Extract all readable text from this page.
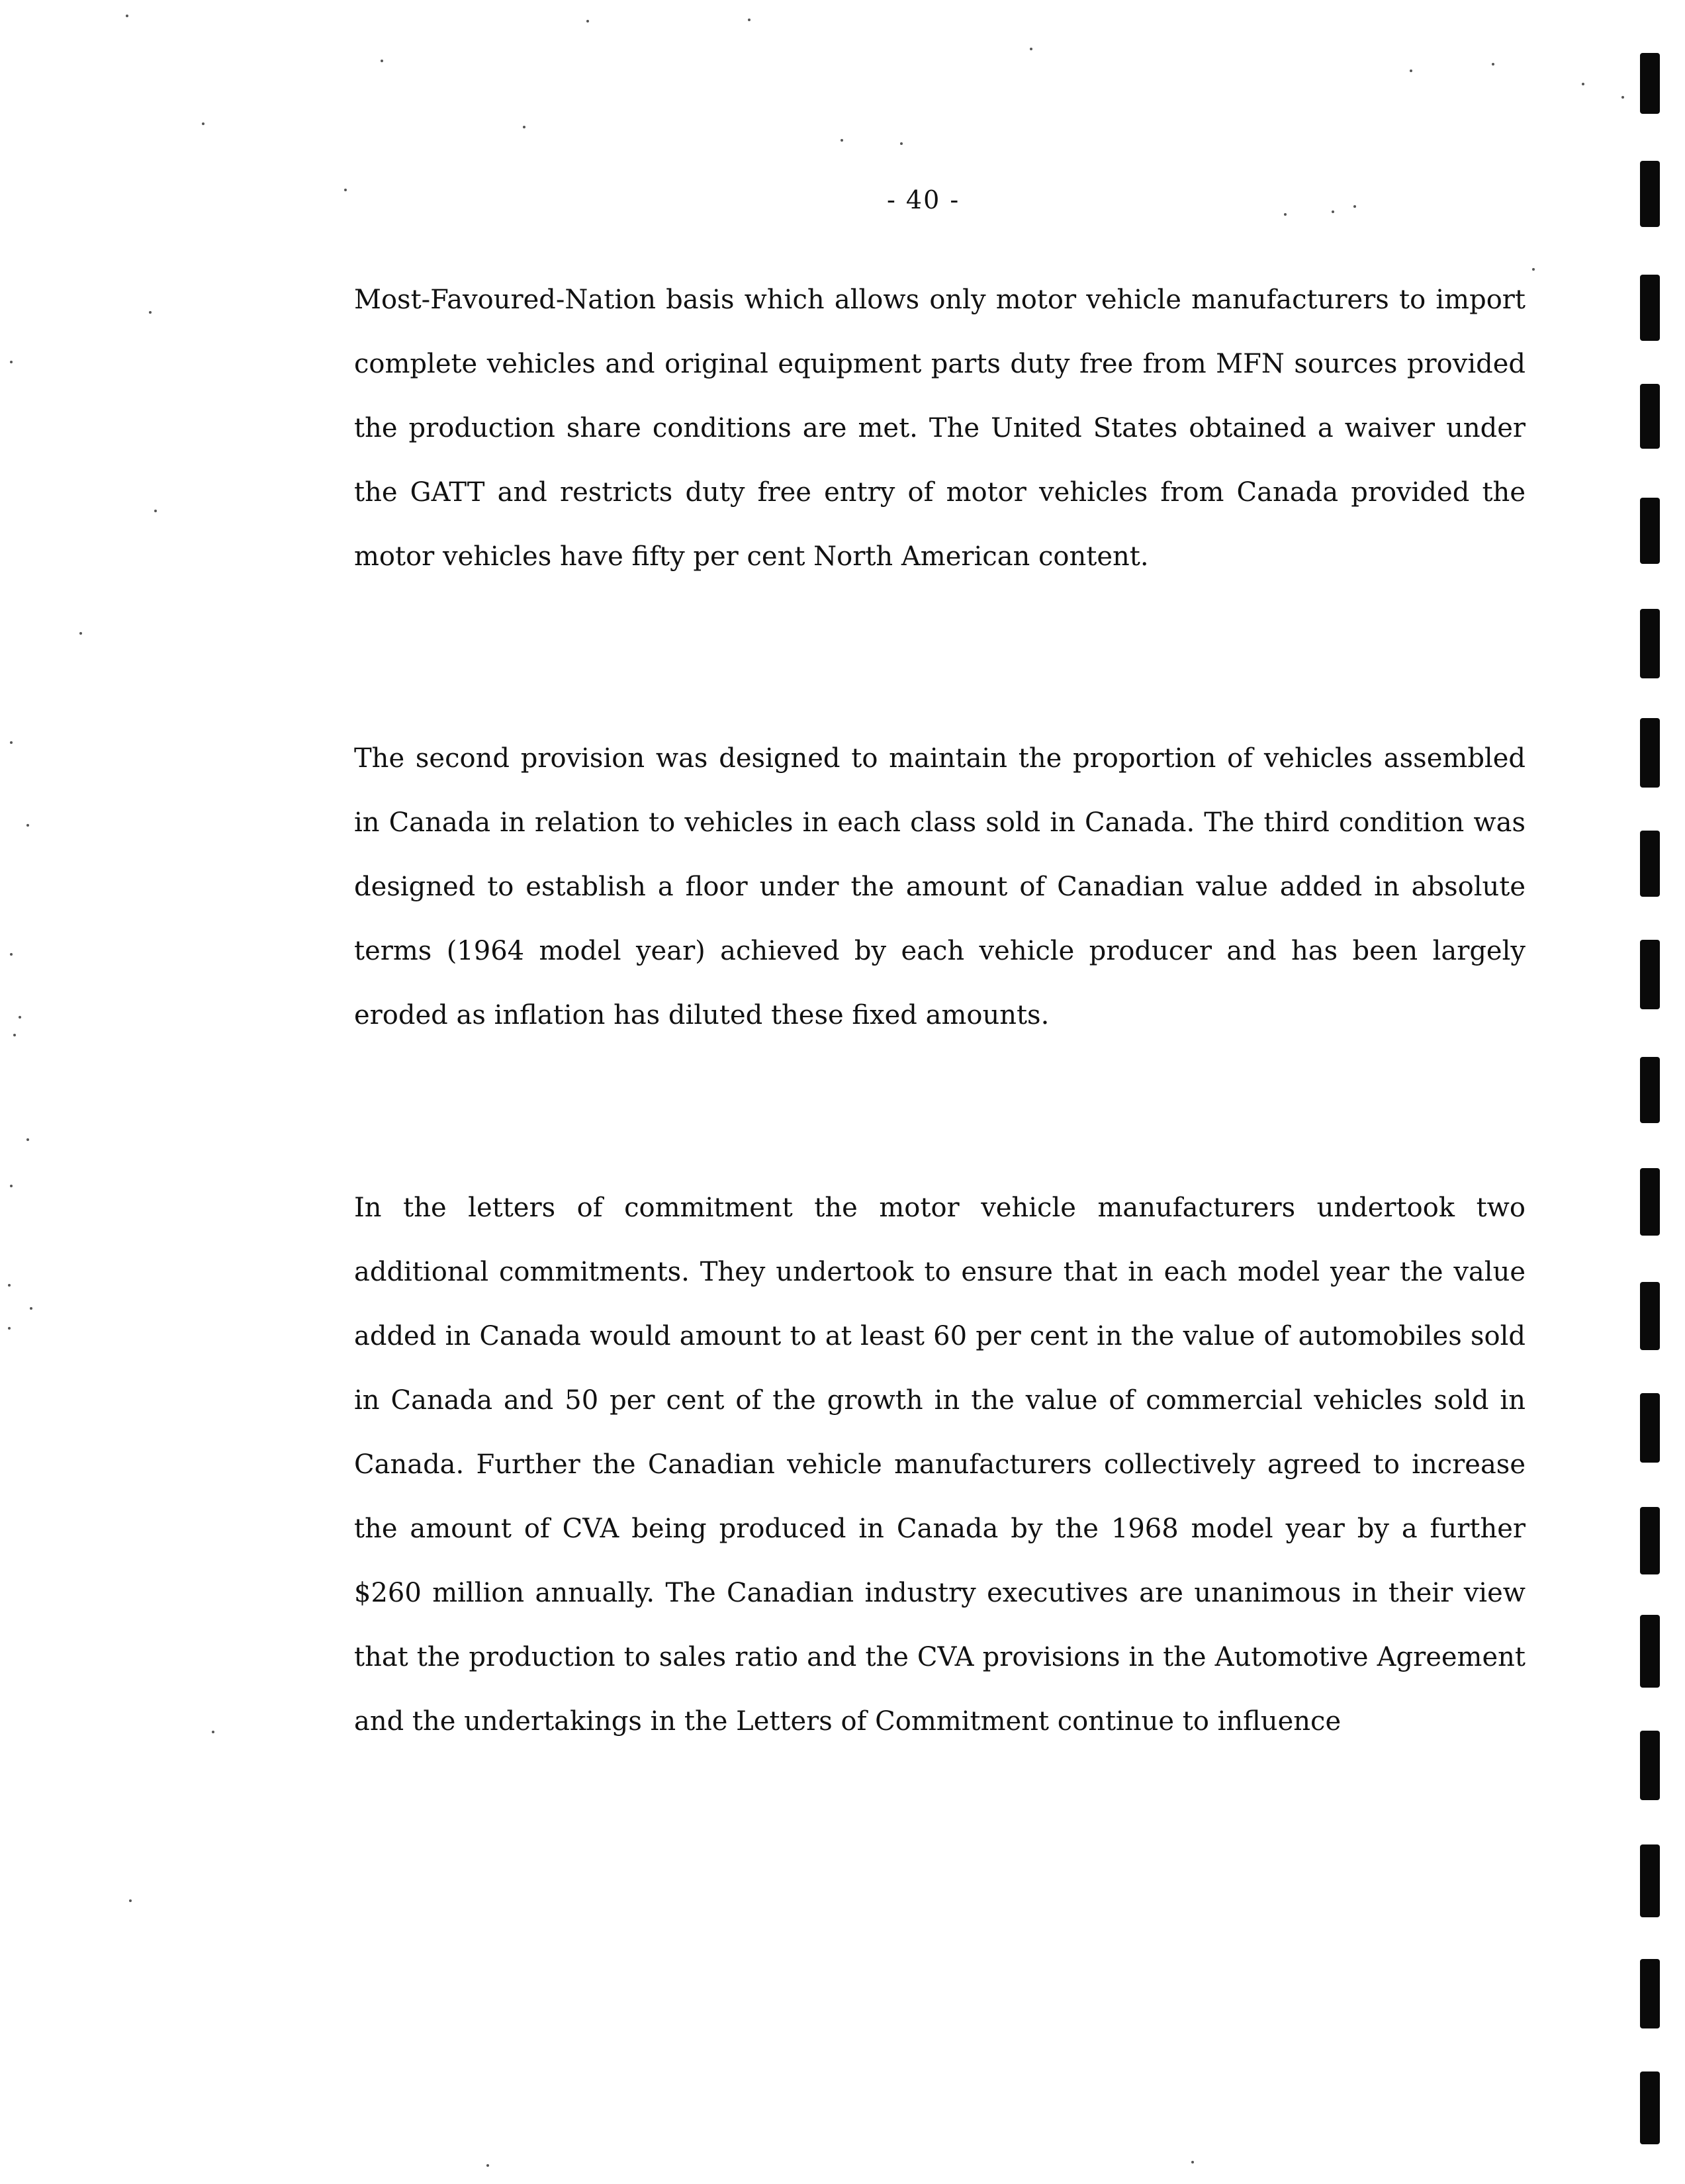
- 40 -

Most-Favoured-Nation basis which allows only motor vehicle manufacturers to import complete vehicles and original equipment parts duty free from MFN sources provided the production share conditions are met. The United States obtained a waiver under the GATT and restricts duty free entry of motor vehicles from Canada provided the motor vehicles have fifty per cent North American content.

The second provision was designed to maintain the proportion of vehicles assembled in Canada in relation to vehicles in each class sold in Canada. The third condition was designed to establish a floor under the amount of Canadian value added in absolute terms (1964 model year) achieved by each vehicle producer and has been largely eroded as inflation has diluted these fixed amounts.

In the letters of commitment the motor vehicle manufacturers undertook two additional commitments. They undertook to ensure that in each model year the value added in Canada would amount to at least 60 per cent in the value of automobiles sold in Canada and 50 per cent of the growth in the value of commercial vehicles sold in Canada. Further the Canadian vehicle manufacturers collectively agreed to increase the amount of CVA being produced in Canada by the 1968 model year by a further $260 million annually. The Canadian industry executives are unanimous in their view that the production to sales ratio and the CVA provisions in the Automotive Agreement and the undertakings in the Letters of Commitment continue to influence
